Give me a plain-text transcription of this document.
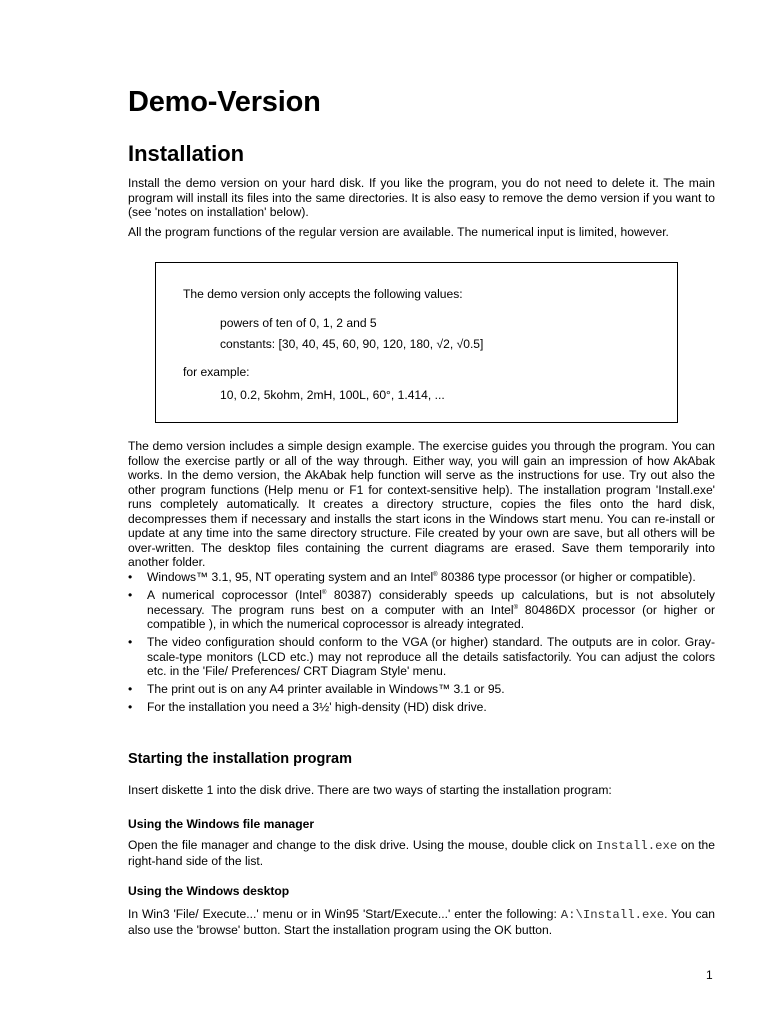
Demo-Version
Installation

Install the demo version on your hard disk. If you like the program, you do not need to delete it. The main program will install its files into the same directories. It is also easy to remove the demo version if you want to (see 'notes on installation' below).

All the program functions of the regular version are available. The numerical input is limited, however.

The demo version only accepts the following values:
powers of ten of 0, 1, 2 and 5
constants: [30, 40, 45, 60, 90, 120, 180, √2, √0.5]
for example:
10, 0.2, 5kohm, 2mH, 100L, 60°, 1.414, ...

The demo version includes a simple design example. The exercise guides you through the program. You can follow the exercise partly or all of the way through. Either way, you will gain an impression of how AkAbak works. In the demo version, the AkAbak help function will serve as the instructions for use. Try out also the other program functions (Help menu or F1 for context-sensitive help). The installation program 'Install.exe' runs completely automatically. It creates a directory structure, copies the files onto the hard disk, decompresses them if necessary and installs the start icons in the Windows start menu. You can re-install or update at any time into the same directory structure. File created by your own are save, but all others will be over-written. The desktop files containing the current diagrams are erased. Save them temporarily into another folder.

• Windows™ 3.1, 95, NT operating system and an Intel® 80386 type processor (or higher or compatible).
• A numerical coprocessor (Intel® 80387) considerably speeds up calculations, but is not absolutely necessary. The program runs best on a computer with an Intel® 80486DX processor (or higher or compatible ), in which the numerical coprocessor is already integrated.
• The video configuration should conform to the VGA (or higher) standard. The outputs are in color. Gray-scale-type monitors (LCD etc.) may not reproduce all the details satisfactorily. You can adjust the colors etc. in the 'File/ Preferences/ CRT Diagram Style' menu.
• The print out is on any A4 printer available in Windows™ 3.1 or 95.
• For the installation you need a 3½' high-density (HD) disk drive.
Starting the installation program

Insert diskette 1 into the disk drive. There are two ways of starting the installation program:

Using the Windows file manager

Open the file manager and change to the disk drive. Using the mouse, double click on Install.exe on the right-hand side of the list.

Using the Windows desktop

In Win3 'File/ Execute...' menu or in Win95 'Start/Execute...' enter the following: A:\Install.exe. You can also use the 'browse' button. Start the installation program using the OK button.

1
